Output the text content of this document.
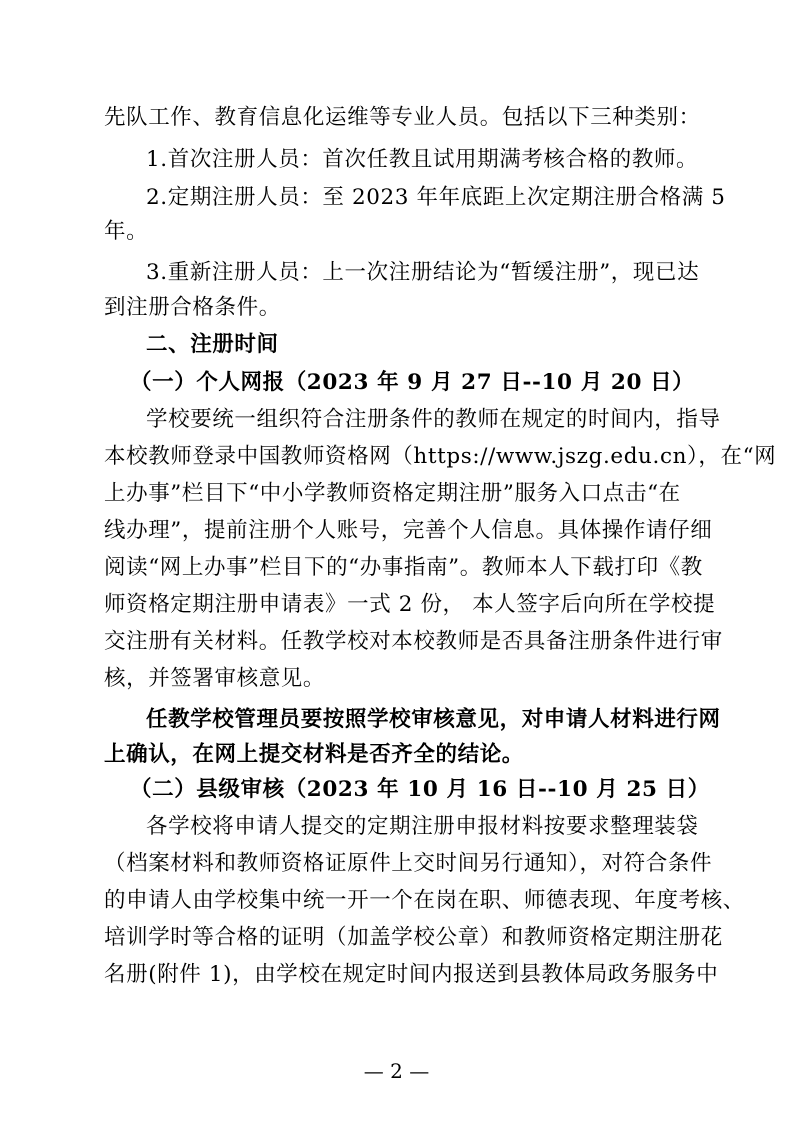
先队工作、教育信息化运维等专业人员。包括以下三种类别：
1.首次注册人员：首次任教且试用期满考核合格的教师。
2.定期注册人员：至 2023 年年底距上次定期注册合格满 5
年。
3.重新注册人员：上一次注册结论为“暂缓注册”，现已达
到注册合格条件。
二、注册时间
（一）个人网报（2023 年 9 月 27 日--10 月 20 日）
学校要统一组织符合注册条件的教师在规定的时间内，指导
本校教师登录中国教师资格网（https://www.jszg.edu.cn），在“网
上办事”栏目下“中小学教师资格定期注册”服务入口点击“在
线办理”，提前注册个人账号，完善个人信息。具体操作请仔细
阅读“网上办事”栏目下的“办事指南”。教师本人下载打印《教
师资格定期注册申请表》一式 2 份， 本人签字后向所在学校提
交注册有关材料。任教学校对本校教师是否具备注册条件进行审
核，并签署审核意见。
任教学校管理员要按照学校审核意见，对申请人材料进行网
上确认，在网上提交材料是否齐全的结论。
（二）县级审核（2023 年 10 月 16 日--10 月 25 日）
各学校将申请人提交的定期注册申报材料按要求整理装袋
（档案材料和教师资格证原件上交时间另行通知），对符合条件
的申请人由学校集中统一开一个在岗在职、师德表现、年度考核、
培训学时等合格的证明（加盖学校公章）和教师资格定期注册花
名册(附件 1)，由学校在规定时间内报送到县教体局政务服务中
— 2 —
